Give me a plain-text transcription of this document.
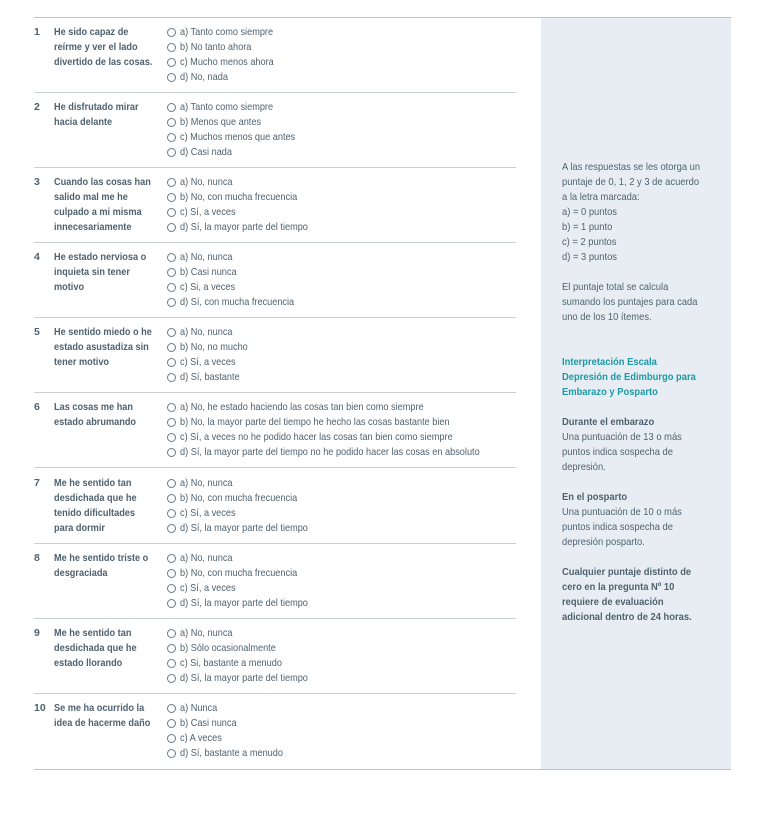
A las respuestas se les otorga un

puntaje de 0, 1, 2 y 3 de acuerdo

a la letra marcada:

a) = 0 puntos

b) = 1 punto

c) = 2 puntos

d) = 3 puntos

El puntaje total se calcula

sumando los puntajes para cada

uno de los 10 ítemes.

Interpretación Escala

Depresión de Edimburgo para

Embarazo y Posparto

Durante el embarazo

Una puntuación de 13 o más

puntos indica sospecha de

depresión.

En el posparto

Una puntuación de 10 o más

puntos indica sospecha de

depresión posparto.

Cualquier puntaje distinto de

cero en la pregunta Nº 10

requiere de evaluación

adicional dentro de 24 horas.

1	He sido capaz de
reírme y ver el lado
divertido de las cosas.
a) Tanto como siempre
b) No tanto ahora
c) Mucho menos ahora
d) No, nada
2	He disfrutado mirar
hacia delante
a) Tanto como siempre
b) Menos que antes
c) Muchos menos que antes
d) Casi nada
3	Cuando las cosas han
salido mal me he
culpado a mi misma
innecesariamente
a) No, nunca
b) No, con mucha frecuencia
c) Sí, a veces
d) Sí, la mayor parte del tiempo
4	He estado nerviosa o
inquieta sin tener
motivo
a) No, nunca
b) Casi nunca
c) Si, a veces
d) Sí, con mucha frecuencia
5	He sentido miedo o he
estado asustadiza sin
tener motivo
a) No, nunca
b) No, no mucho
c) Sí, a veces
d) Sí, bastante
6	Las cosas me han
estado abrumando
a) No, he estado haciendo las cosas tan bien como siempre
b) No, la mayor parte del tiempo he hecho las cosas bastante bien
c) Sí, a veces no he podido hacer las cosas tan bien como siempre
d) Sí, la mayor parte del tiempo no he podido hacer las cosas en absoluto
7	Me he sentido tan
desdichada que he
tenido dificultades
para dormir
a) No, nunca
b) No, con mucha frecuencia
c) Sí, a veces
d) Sí, la mayor parte del tiempo
8	Me he sentido triste o
desgraciada
a) No, nunca
b) No, con mucha frecuencia
c) Sí, a veces
d) Sí, la mayor parte del tiempo
9	Me he sentido tan
desdichada que he
estado llorando
a) No, nunca
b) Sólo ocasionalmente
c) Si, bastante a menudo
d) Sí, la mayor parte del tiempo
10 Se me ha ocurrido la
idea de hacerme daño
a) Nunca
b) Casi nunca
c) A veces
d) Sí, bastante a menudo
